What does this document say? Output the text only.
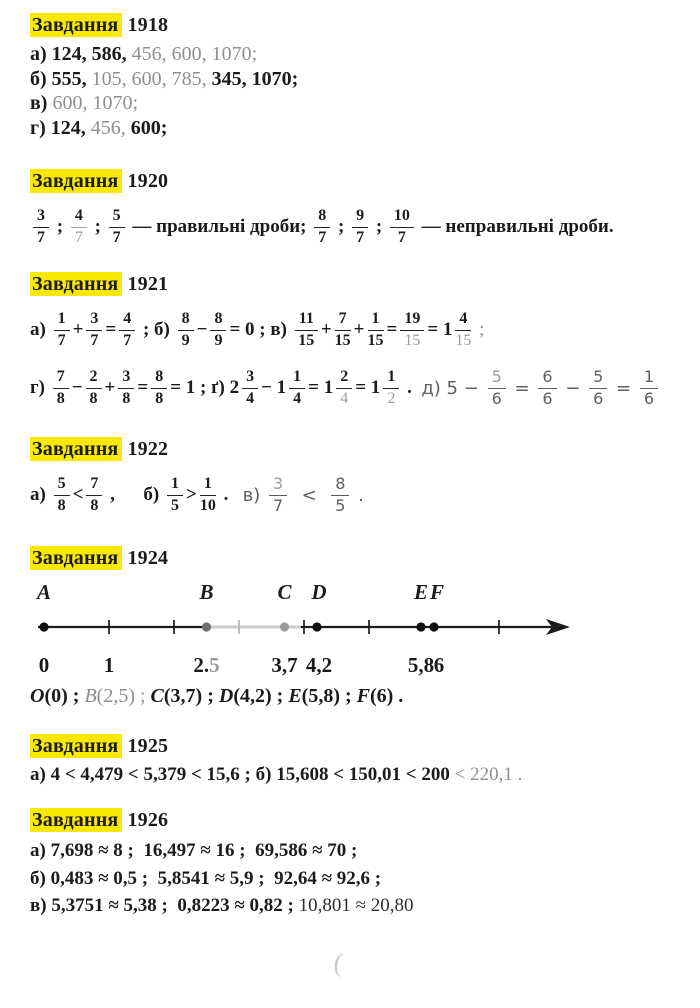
Завдання 1918
а) 124, 586, 456, 600, 1070;
б) 555, 105, 600, 785, 345, 1070;
в) 600, 1070;
г) 124, 456, 600;
Завдання 1920
$\frac{3}{7}$ ; $\frac{4}{7}$ ; $\frac{5}{7}$ — правильні дроби; $\frac{8}{7}$ ; $\frac{9}{7}$ ; $\frac{10}{7}$ — неправильні дроби.
Завдання 1921
$а) \frac{1}{7} + \frac{3}{7} = \frac{4}{7}$ ; $б) \frac{8}{9} - \frac{8}{9} = 0$ ; $в) \frac{11}{15} + \frac{7}{15} + \frac{1}{15} = \frac{19}{15} = 1 \frac{4}{15}$ ;
$г) \frac{7}{8} - \frac{2}{8} + \frac{3}{8} = \frac{8}{8} = 1$ ; ґ) $2 \frac{3}{4} - 1 \frac{1}{4} = 1 \frac{2}{4} = 1 \frac{1}{2}$ . д) $5 - \frac{5}{6} = \frac{6}{6} - \frac{5}{6} = \frac{1}{6}$
Завдання 1922
$а) \frac{5}{8} < \frac{7}{8}$ ,      $б) \frac{1}{5} > \frac{1}{10}$ . $в) \frac{3}{7} < \frac{8}{5}$ .
Завдання 1924
A	B	C D	E F
0	1	2.5 3,7 4,2	5,8 6
O(0) ; B(2,5) ; C(3,7) ; D(4,2) ; E(5,8) ; F(6) .
Завдання 1925
а) 4 < 4,479 < 5,379 < 15,6 ; б) 15,608 < 150,01 < 200 < 220,1 .
Завдання 1926
а) 7,698 ≈ 8 ;  16,497 ≈ 16 ;  69,586 ≈ 70 ;
б) 0,483 ≈ 0,5 ;  5,8541 ≈ 5,9 ;  92,64 ≈ 92,6 ;
в) 5,3751 ≈ 5,38 ;  0,8223 ≈ 0,82 ; 10,801 ≈ 20,80
(
